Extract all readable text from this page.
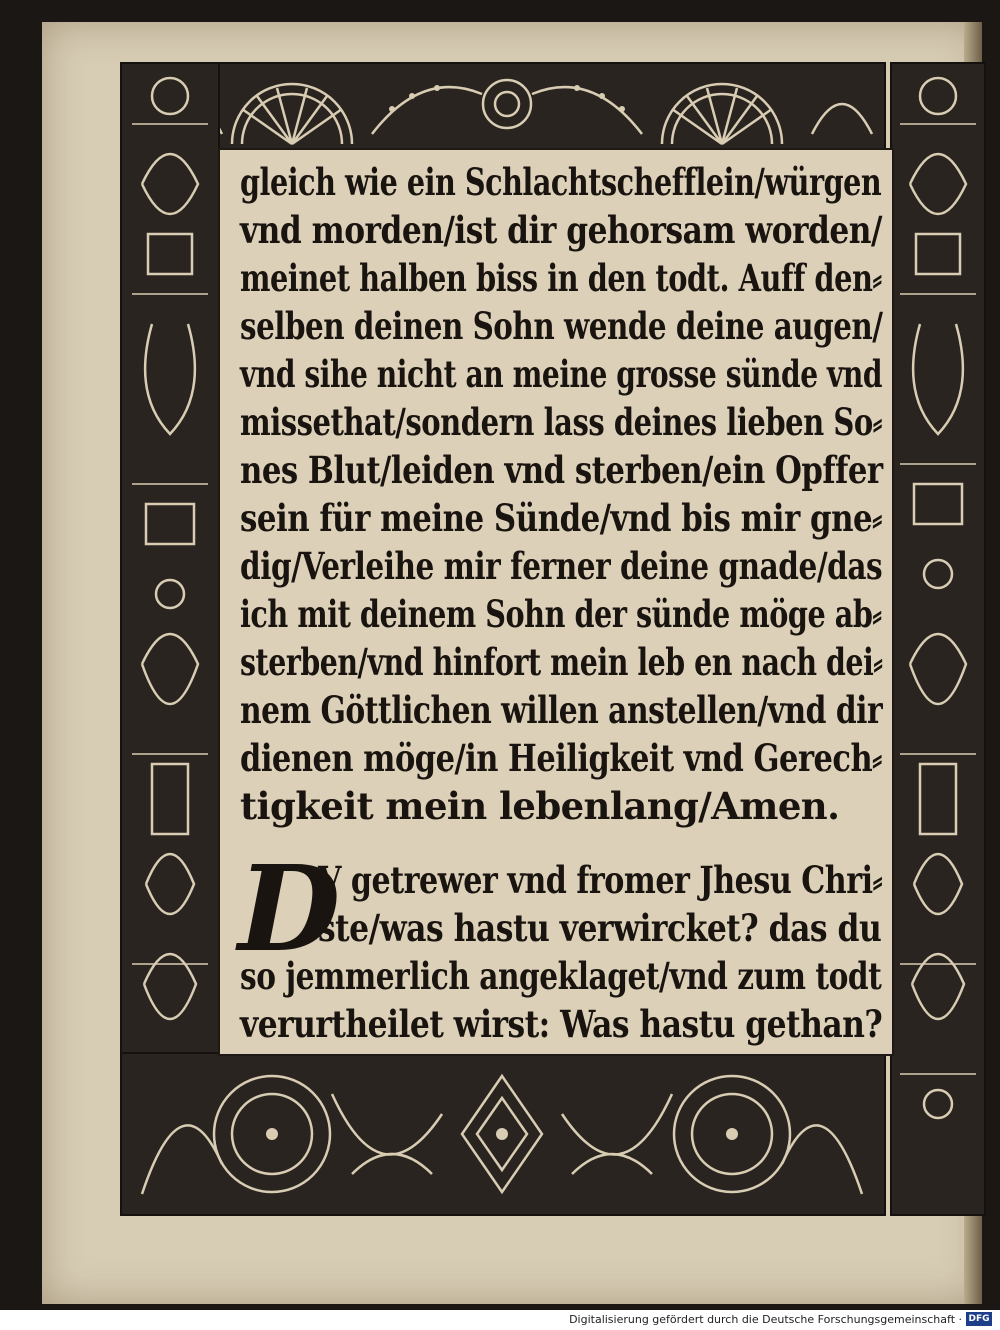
gleich wie ein Schlachtschefflein/würgen
vnd morden/ist dir gehorsam worden/
meinet halben biss in den todt. Auff den⸗
selben deinen Sohn wende deine augen/
vnd sihe nicht an meine grosse sünde vnd
missethat/sondern lass deines lieben So⸗
nes Blut/leiden vnd sterben/ein Opffer
sein für meine Sünde/vnd bis mir gne⸗
dig/Verleihe mir ferner deine gnade/das
ich mit deinem Sohn der sünde möge ab⸗
sterben/vnd hinfort mein leb en nach dei⸗
nem Göttlichen willen anstellen/vnd dir
dienen möge/in Heiligkeit vnd Gerech⸗
tigkeit mein lebenlang/Amen.
D
V getrewer vnd fromer Jhesu Chri⸗
ste/was hastu verwircket? das du
so jemmerlich angeklaget/vnd zum todt
verurtheilet wirst: Was hastu gethan?
Digitalisierung gefördert durch die Deutsche Forschungsgemeinschaft · DFG
